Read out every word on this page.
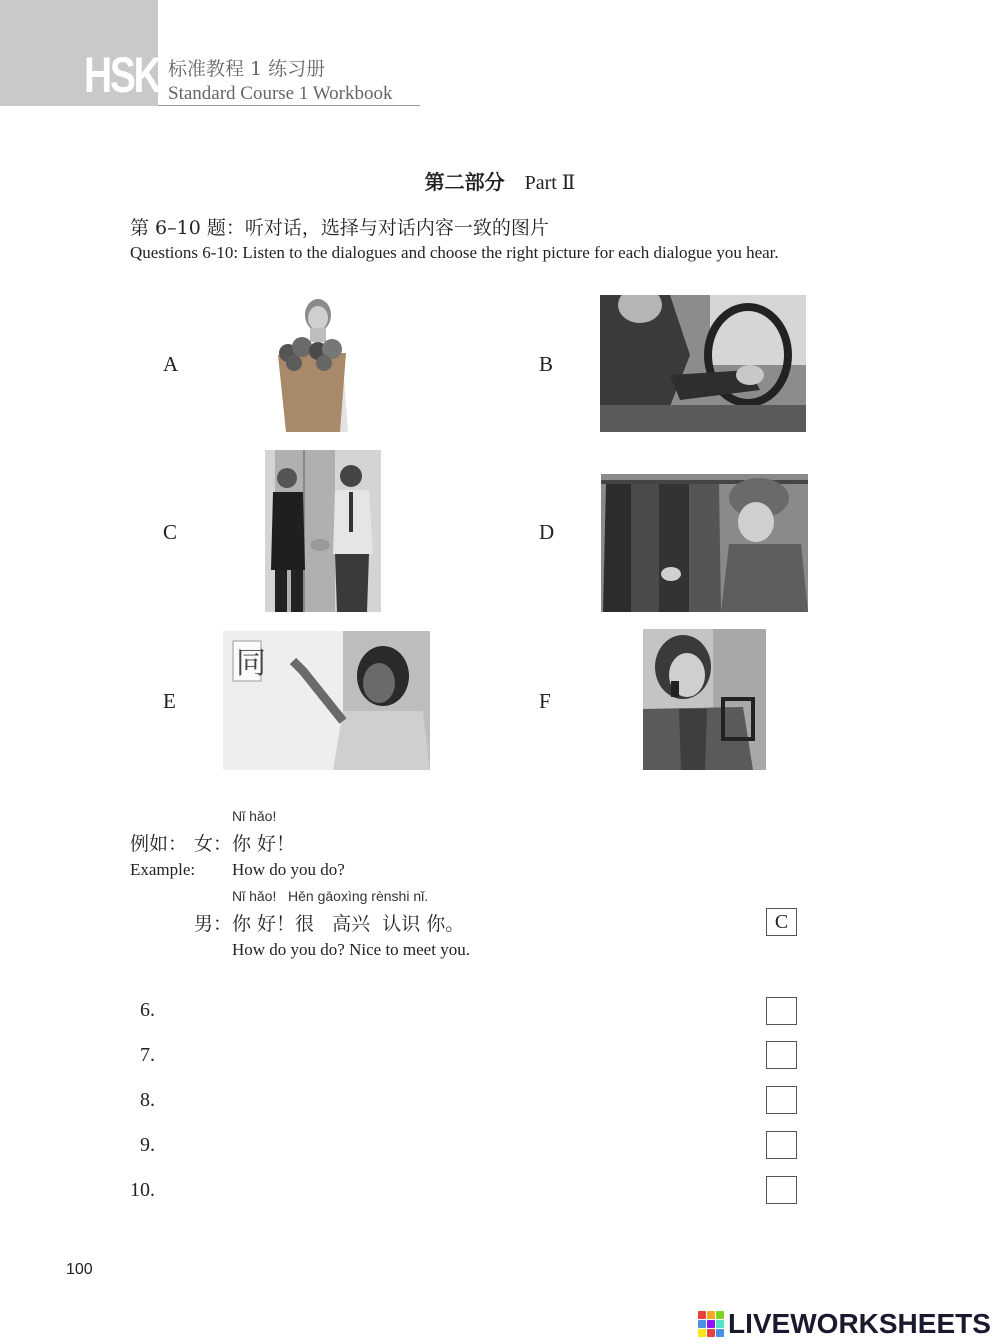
HSK 标准教程 1 练习册
Standard Course 1 Workbook
第二部分 Part Ⅱ
第 6–10 题：听对话，选择与对话内容一致的图片
Questions 6-10: Listen to the dialogues and choose the right picture for each dialogue you hear.
A	B
C	D
E	F
同
Nǐ hǎo!
例如： 女： 你 好！
Example: How do you do?
Nǐ hǎo!   Hěn gāoxìng rènshi nǐ.
男： 你 好！很   高兴  认识 你。
How do you do? Nice to meet you.
C
6.
7.
8.
9.
10.
100
LIVEWORKSHEETS
